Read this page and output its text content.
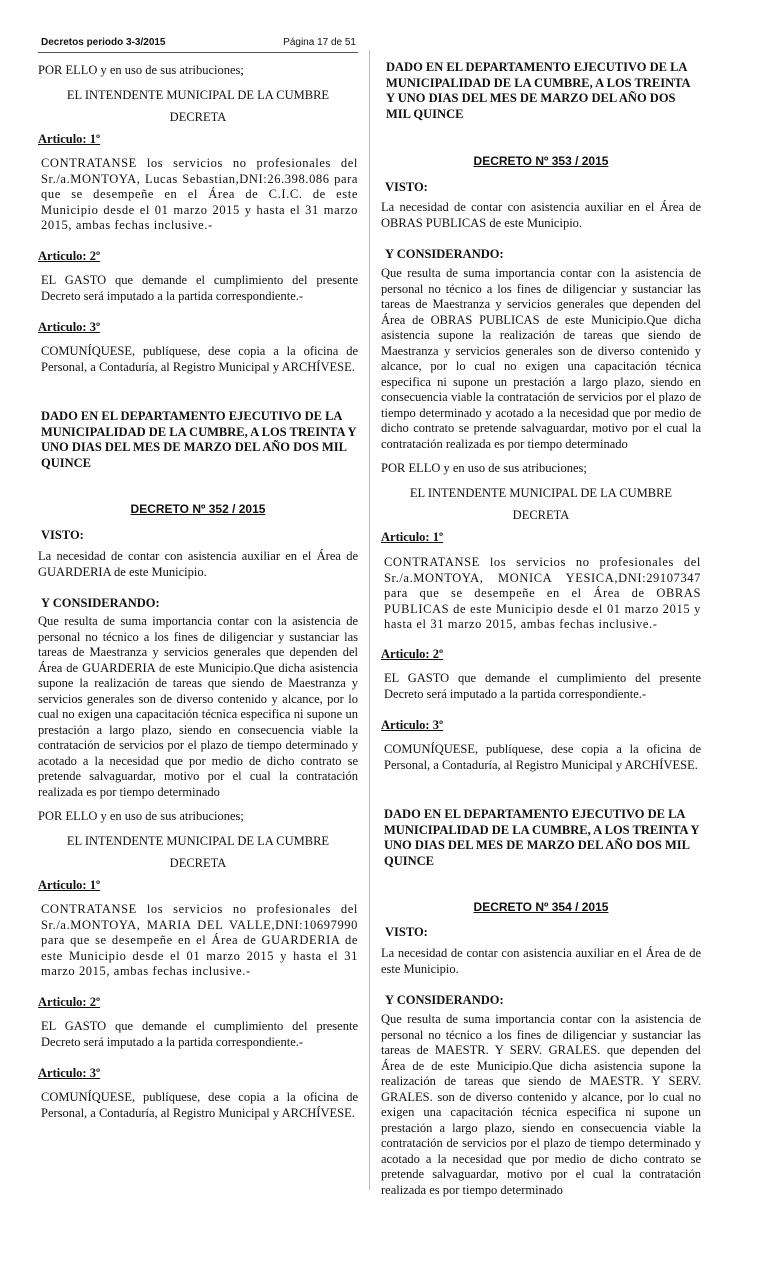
Decretos periodo 3-3/2015	Página 17 de 51

POR ELLO y en uso de sus atribuciones;

EL INTENDENTE MUNICIPAL DE LA CUMBRE

DECRETA

Articulo: 1º

CONTRATANSE los servicios no profesionales del Sr./a.MONTOYA, Lucas Sebastian,DNI:26.398.086 para que se desempeñe en el Área de C.I.C. de este Municipio desde el 01 marzo 2015 y hasta el 31 marzo 2015, ambas fechas inclusive.-

Articulo: 2º

EL GASTO que demande el cumplimiento del presente Decreto será imputado a la partida correspondiente.-

Articulo: 3º

COMUNÍQUESE, publíquese, dese copia a la oficina de Personal, a Contaduría, al Registro Municipal y ARCHÍVESE.

DADO EN EL DEPARTAMENTO EJECUTIVO DE LA MUNICIPALIDAD DE LA CUMBRE, A LOS TREINTA Y UNO DIAS DEL MES DE MARZO DEL AÑO DOS MIL QUINCE

DECRETO Nº 352 / 2015

VISTO:

La necesidad de contar con asistencia auxiliar en el Área de GUARDERIA de este Municipio.

Y CONSIDERANDO:

Que resulta de suma importancia contar con la asistencia de personal no técnico a los fines de diligenciar y sustanciar las tareas de Maestranza y servicios generales que dependen del Área de GUARDERIA de este Municipio.Que dicha asistencia supone la realización de tareas que siendo de Maestranza y servicios generales son de diverso contenido y alcance, por lo cual no exigen una capacitación técnica especifica ni supone un prestación a largo plazo, siendo en consecuencia viable la contratación de servicios por el plazo de tiempo determinado y acotado a la necesidad que por medio de dicho contrato se pretende salvaguardar, motivo por el cual la contratación realizada es por tiempo determinado

POR ELLO y en uso de sus atribuciones;

EL INTENDENTE MUNICIPAL DE LA CUMBRE

DECRETA

Articulo: 1º

CONTRATANSE los servicios no profesionales del Sr./a.MONTOYA, MARIA DEL VALLE,DNI:10697990 para que se desempeñe en el Área de GUARDERIA de este Municipio desde el 01 marzo 2015 y hasta el 31 marzo 2015, ambas fechas inclusive.-

Articulo: 2º

EL GASTO que demande el cumplimiento del presente Decreto será imputado a la partida correspondiente.-

Articulo: 3º

COMUNÍQUESE, publíquese, dese copia a la oficina de Personal, a Contaduría, al Registro Municipal y ARCHÍVESE.

DADO EN EL DEPARTAMENTO EJECUTIVO DE LA MUNICIPALIDAD DE LA CUMBRE, A LOS TREINTA Y UNO DIAS DEL MES DE MARZO DEL AÑO DOS MIL QUINCE

DECRETO Nº 353 / 2015

VISTO:

La necesidad de contar con asistencia auxiliar en el Área de OBRAS PUBLICAS de este Municipio.

Y CONSIDERANDO:

Que resulta de suma importancia contar con la asistencia de personal no técnico a los fines de diligenciar y sustanciar las tareas de Maestranza y servicios generales que dependen del Área de OBRAS PUBLICAS de este Municipio.Que dicha asistencia supone la realización de tareas que siendo de Maestranza y servicios generales son de diverso contenido y alcance, por lo cual no exigen una capacitación técnica especifica ni supone un prestación a largo plazo, siendo en consecuencia viable la contratación de servicios por el plazo de tiempo determinado y acotado a la necesidad que por medio de dicho contrato se pretende salvaguardar, motivo por el cual la contratación realizada es por tiempo determinado

POR ELLO y en uso de sus atribuciones;

EL INTENDENTE MUNICIPAL DE LA CUMBRE

DECRETA

Articulo: 1º

CONTRATANSE los servicios no profesionales del Sr./a.MONTOYA, MONICA YESICA,DNI:29107347 para que se desempeñe en el Área de OBRAS PUBLICAS de este Municipio desde el 01 marzo 2015 y hasta el 31 marzo 2015, ambas fechas inclusive.-

Articulo: 2º

EL GASTO que demande el cumplimiento del presente Decreto será imputado a la partida correspondiente.-

Articulo: 3º

COMUNÍQUESE, publíquese, dese copia a la oficina de Personal, a Contaduría, al Registro Municipal y ARCHÍVESE.

DADO EN EL DEPARTAMENTO EJECUTIVO DE LA MUNICIPALIDAD DE LA CUMBRE, A LOS TREINTA Y UNO DIAS DEL MES DE MARZO DEL AÑO DOS MIL QUINCE

DECRETO Nº 354 / 2015

VISTO:

La necesidad de contar con asistencia auxiliar en el Área de de este Municipio.

Y CONSIDERANDO:

Que resulta de suma importancia contar con la asistencia de personal no técnico a los fines de diligenciar y sustanciar las tareas de MAESTR. Y SERV. GRALES. que dependen del Área de de este Municipio.Que dicha asistencia supone la realización de tareas que siendo de MAESTR. Y SERV. GRALES. son de diverso contenido y alcance, por lo cual no exigen una capacitación técnica especifica ni supone un prestación a largo plazo, siendo en consecuencia viable la contratación de servicios por el plazo de tiempo determinado y acotado a la necesidad que por medio de dicho contrato se pretende salvaguardar, motivo por el cual la contratación realizada es por tiempo determinado
